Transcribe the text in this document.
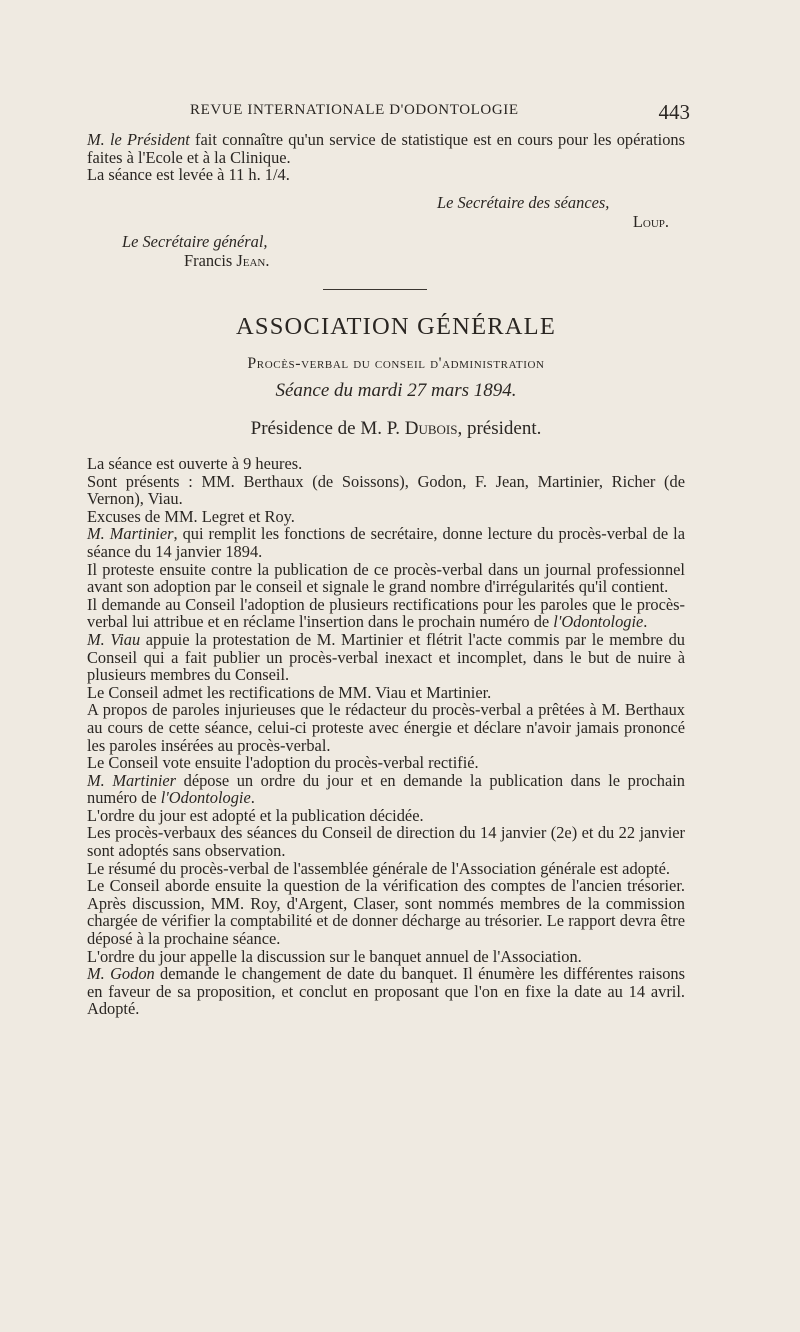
REVUE INTERNATIONALE D'ODONTOLOGIE	443

M. le Président fait connaître qu'un service de statistique est en cours pour les opérations faites à l'Ecole et à la Clinique.

La séance est levée à 11 h. 1/4.

Le Secrétaire des séances,
Loup.
Le Secrétaire général,
Francis Jean.
ASSOCIATION GÉNÉRALE
Procès-verbal du conseil d'administration
Séance du mardi 27 mars 1894.
Présidence de M. P. Dubois, président.

La séance est ouverte à 9 heures.

Sont présents : MM. Berthaux (de Soissons), Godon, F. Jean, Martinier, Richer (de Vernon), Viau.

Excuses de MM. Legret et Roy.

M. Martinier, qui remplit les fonctions de secrétaire, donne lecture du procès-verbal de la séance du 14 janvier 1894.

Il proteste ensuite contre la publication de ce procès-verbal dans un journal professionnel avant son adoption par le conseil et signale le grand nombre d'irrégularités qu'il contient.

Il demande au Conseil l'adoption de plusieurs rectifications pour les paroles que le procès-verbal lui attribue et en réclame l'insertion dans le prochain numéro de l'Odontologie.

M. Viau appuie la protestation de M. Martinier et flétrit l'acte commis par le membre du Conseil qui a fait publier un procès-verbal inexact et incomplet, dans le but de nuire à plusieurs membres du Conseil.

Le Conseil admet les rectifications de MM. Viau et Martinier.

A propos de paroles injurieuses que le rédacteur du procès-verbal a prêtées à M. Berthaux au cours de cette séance, celui-ci proteste avec énergie et déclare n'avoir jamais prononcé les paroles insérées au procès-verbal.

Le Conseil vote ensuite l'adoption du procès-verbal rectifié.

M. Martinier dépose un ordre du jour et en demande la publication dans le prochain numéro de l'Odontologie.

L'ordre du jour est adopté et la publication décidée.

Les procès-verbaux des séances du Conseil de direction du 14 janvier (2e) et du 22 janvier sont adoptés sans observation.

Le résumé du procès-verbal de l'assemblée générale de l'Association générale est adopté.

Le Conseil aborde ensuite la question de la vérification des comptes de l'ancien trésorier. Après discussion, MM. Roy, d'Argent, Claser, sont nommés membres de la commission chargée de vérifier la comptabilité et de donner décharge au trésorier. Le rapport devra être déposé à la prochaine séance.

L'ordre du jour appelle la discussion sur le banquet annuel de l'Association.

M. Godon demande le changement de date du banquet. Il énumère les différentes raisons en faveur de sa proposition, et conclut en proposant que l'on en fixe la date au 14 avril. Adopté.
